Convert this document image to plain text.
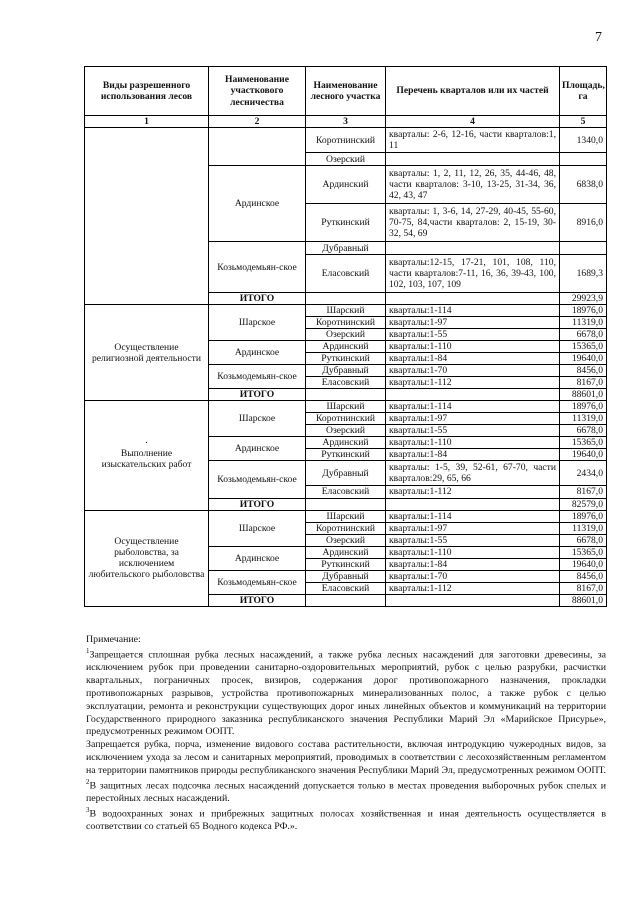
7
Виды разрешенного использования лесов	Наименование участкового лесничества	Наименование лесного участка	Перечень кварталов или их частей	Площадь, га
1	2	3	4	5
		Коротнинский	кварталы: 2-6, 12-16, части кварталов:1, 11	1340,0
		Озерский		
	Ардинское	Ардинский	кварталы: 1, 2, 11, 12, 26, 35, 44-46, 48, части кварталов: 3-10, 13-25, 31-34, 36, 42, 43, 47	6838,0
		Руткинский	кварталы: 1, 3-6, 14, 27-29, 40-45, 55-60, 70-75, 84,части кварталов: 2, 15-19, 30-32, 54, 69	8916,0
	Козьмодемьян-ское	Дубравный		
		Еласовский	кварталы:12-15, 17-21, 101, 108, 110, части кварталов:7-11, 16, 36, 39-43, 100, 102, 103, 107, 109	1689,3
	ИТОГО			29923,9
Осуществление религиозной деятельности	Шарское	Шарский	кварталы:1-114	18976,0
		Коротнинский	кварталы:1-97	11319,0
		Озерский	кварталы:1-55	6678,0
	Ардинское	Ардинский	кварталы:1-110	15365,0
		Руткинский	кварталы:1-84	19640,0
	Козьмодемьян-ское	Дубравный	кварталы:1-70	8456,0
		Еласовский	кварталы:1-112	8167,0
	ИТОГО			88601,0

·
Выполнение изыскательских работ	Шарское	Шарский	кварталы:1-114	18976,0
		Коротнинский	кварталы:1-97	11319,0
		Озерский	кварталы:1-55	6678,0
	Ардинское	Ардинский	кварталы:1-110	15365,0
		Руткинский	кварталы:1-84	19640,0
	Козьмодемьян-ское	Дубравный	кварталы: 1-5, 39, 52-61, 67-70, части кварталов:29, 65, 66	2434,0
		Еласовский	кварталы:1-112	8167,0
	ИТОГО			82579,0
Осуществление рыболовства, за исключением любительского рыболовства	Шарское	Шарский	кварталы:1-114	18976,0
		Коротнинский	кварталы:1-97	11319,0
		Озерский	кварталы:1-55	6678,0
	Ардинское	Ардинский	кварталы:1-110	15365,0
		Руткинский	кварталы:1-84	19640,0
	Козьмодемьян-ское	Дубравный	кварталы:1-70	8456,0
		Еласовский	кварталы:1-112	8167,0
	ИТОГО			88601,0

Примечание:

$^1$Запрещается сплошная рубка лесных насаждений, а также рубка лесных насаждений для заготовки древесины, за исключением рубок при проведении санитарно-оздоровительных мероприятий, рубок с целью разрубки, расчистки квартальных, пограничных просек, визиров, содержания дорог противопожарного назначения, прокладки противопожарных разрывов, устройства противопожарных минерализованных полос, а также рубок с целью эксплуатации, ремонта и реконструкции существующих дорог иных линейных объектов и коммуникаций на территории Государственного природного заказника республиканского значения Республики Марий Эл «Марийское Присурье», предусмотренных режимом ООПТ.

Запрещается рубка, порча, изменение видового состава растительности, включая интродукцию чужеродных видов, за исключением ухода за лесом и санитарных мероприятий, проводимых в соответствии с лесохозяйственным регламентом на территории памятников природы республиканского значения Республики Марий Эл, предусмотренных режимом ООПТ.

$^2$В защитных лесах подсочка лесных насаждений допускается только в местах проведения выборочных рубок спелых и перестойных лесных насаждений.

$^3$В водоохранных зонах и прибрежных защитных полосах хозяйственная и иная деятельность осуществляется в соответствии со статьей 65 Водного кодекса РФ.».
